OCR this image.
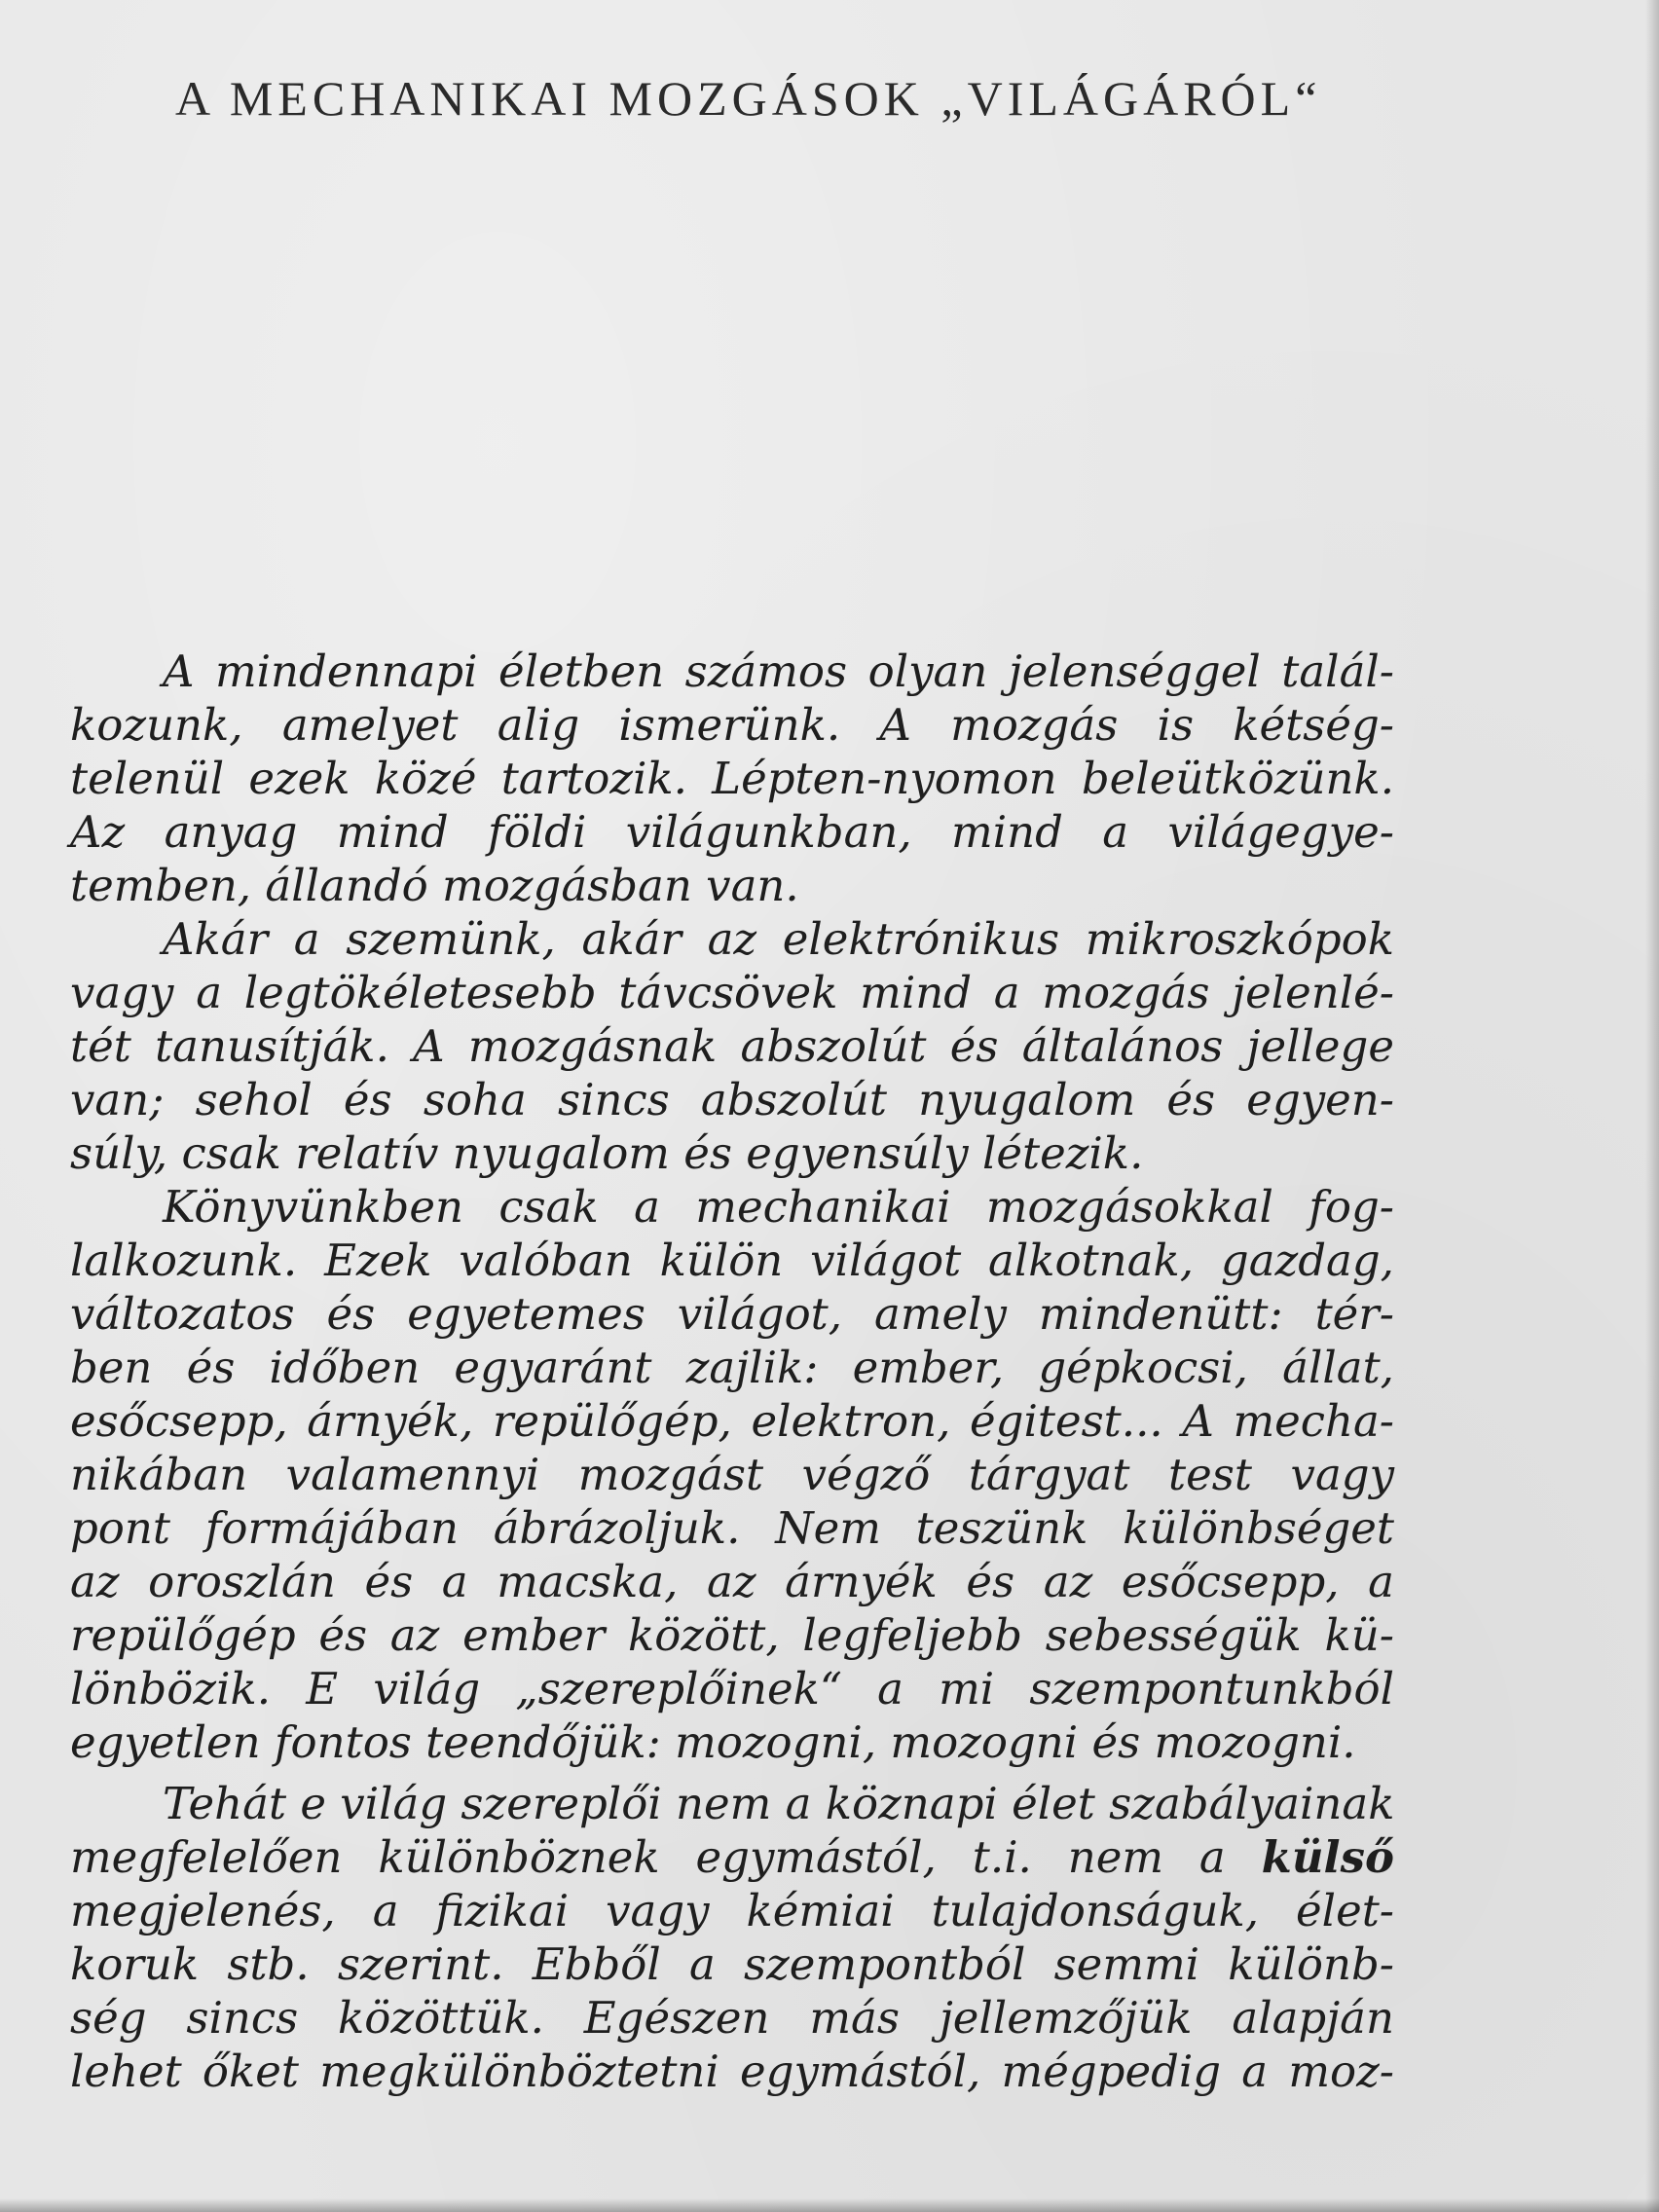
A MECHANIKAI MOZGÁSOK „VILÁGÁRÓL“
A mindennapi életben számos olyan jelenséggel talál-
kozunk, amelyet alig ismerünk. A mozgás is kétség-
telenül ezek közé tartozik. Lépten-nyomon beleütközünk.
Az anyag mind földi világunkban, mind a világegye-
temben, állandó mozgásban van.
Akár a szemünk, akár az elektrónikus mikroszkópok
vagy a legtökéletesebb távcsövek mind a mozgás jelenlé-
tét tanusítják. A mozgásnak abszolút és általános jellege
van; sehol és soha sincs abszolút nyugalom és egyen-
súly, csak relatív nyugalom és egyensúly létezik.
Könyvünkben csak a mechanikai mozgásokkal fog-
lalkozunk. Ezek valóban külön világot alkotnak, gazdag,
változatos és egyetemes világot, amely mindenütt: tér-
ben és időben egyaránt zajlik: ember, gépkocsi, állat,
esőcsepp, árnyék, repülőgép, elektron, égitest... A mecha-
nikában valamennyi mozgást végző tárgyat test vagy
pont formájában ábrázoljuk. Nem teszünk különbséget
az oroszlán és a macska, az árnyék és az esőcsepp, a
repülőgép és az ember között, legfeljebb sebességük kü-
lönbözik. E világ „szereplőinek“ a mi szempontunkból
egyetlen fontos teendőjük: mozogni, mozogni és mozogni.
Tehát e világ szereplői nem a köznapi élet szabályainak
megfelelően különböznek egymástól, t.i. nem a külső
megjelenés, a fizikai vagy kémiai tulajdonságuk, élet-
koruk stb. szerint. Ebből a szempontból semmi különb-
ség sincs közöttük. Egészen más jellemzőjük alapján
lehet őket megkülönböztetni egymástól, mégpedig a moz-
